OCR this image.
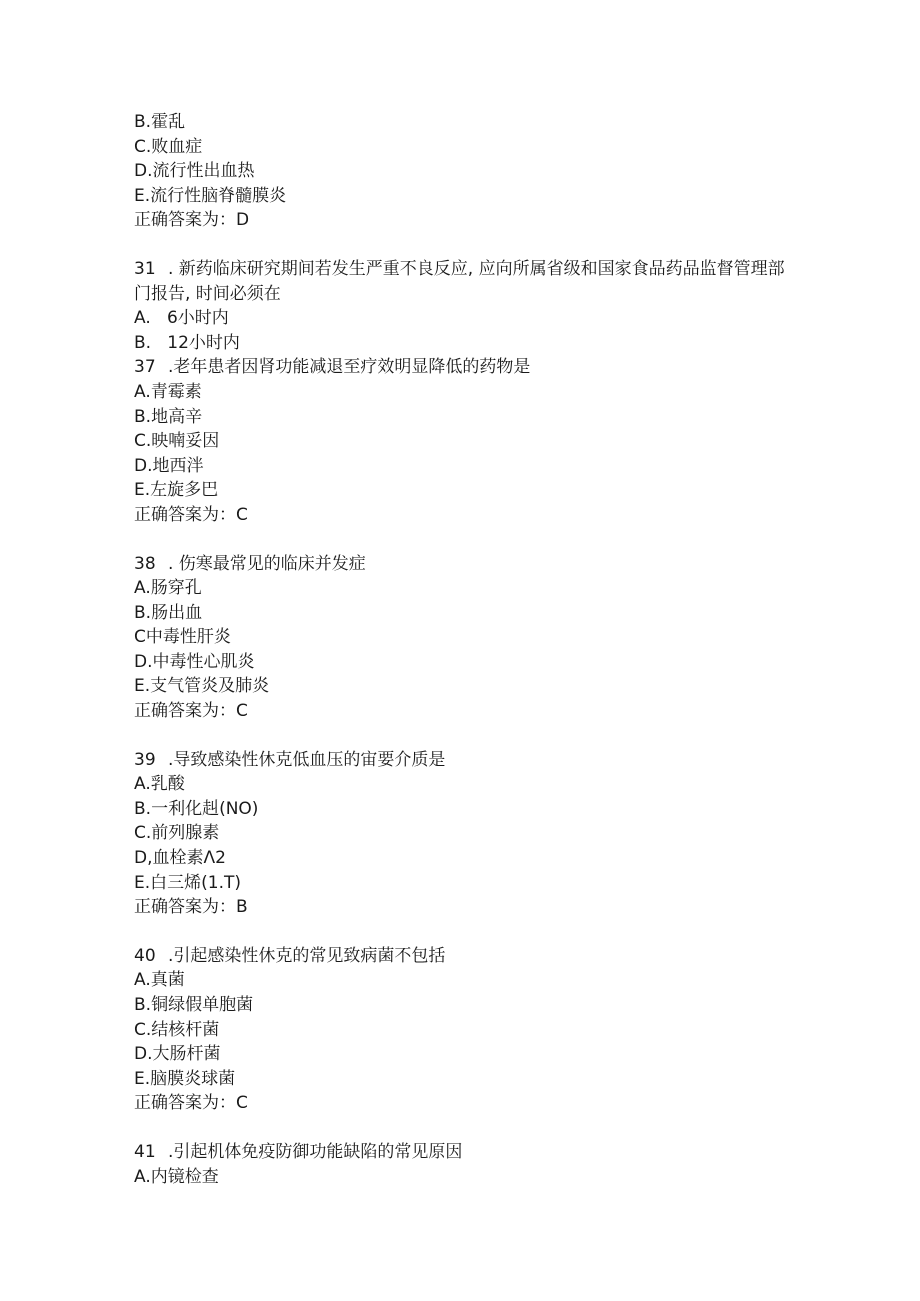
B.霍乱
C.败血症
D.流行性出血热
E.流行性脑脊髓膜炎
正确答案为：D
31 . 新药临床研究期间若发生严重不良反应, 应向所属省级和国家食品药品监督管理部门报告, 时间必须在
A.   6小时内
B.   12小时内
37 .老年患者因肾功能减退至疗效明显降低的药物是
A.青霉素
B.地高辛
C.映喃妥因
D.地西泮
E.左旋多巴
正确答案为：C
38 . 伤寒最常见的临床并发症
A.肠穿孔
B.肠出血
C中毒性肝炎
D.中毒性心肌炎
E.支气管炎及肺炎
正确答案为：C
39 .导致感染性休克低血压的宙要介质是
A.乳酸
B.一利化赳(NO)
C.前列腺素
D,血栓素Λ2
E.白三烯(1.T)
正确答案为：B
40 .引起感染性休克的常见致病菌不包括
A.真菌
B.铜绿假单胞菌
C.结核杆菌
D.大肠杆菌
E.脑膜炎球菌
正确答案为：C
41 .引起机体免疫防御功能缺陷的常见原因
A.内镜检查
